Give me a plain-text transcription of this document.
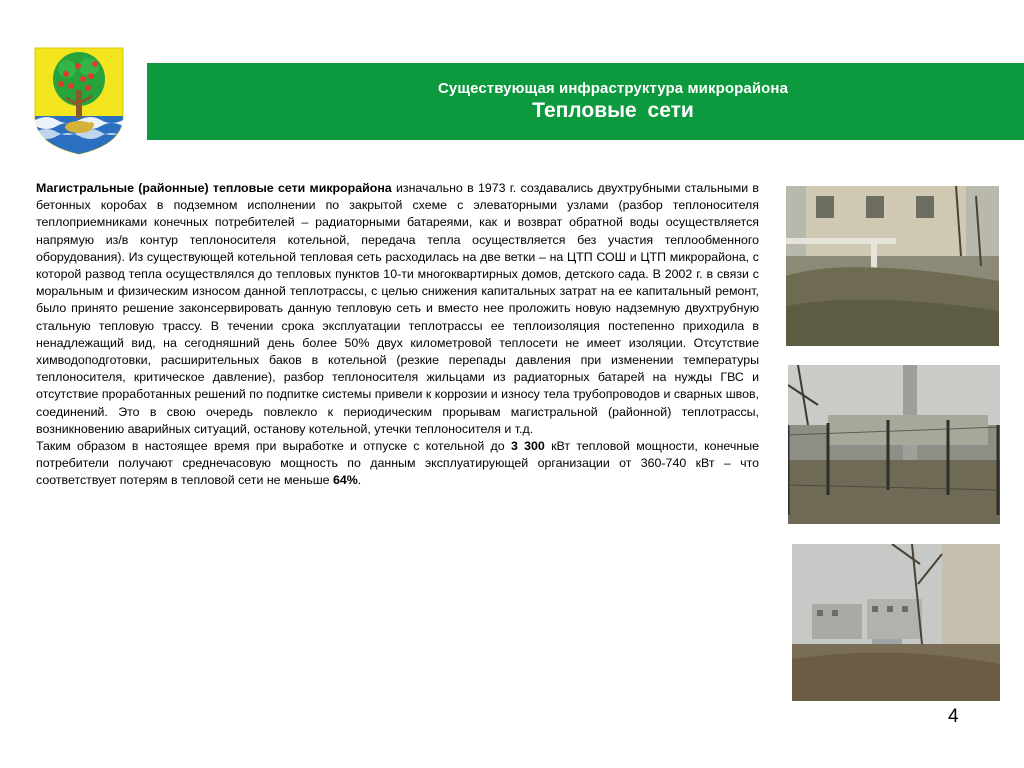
Существующая инфраструктура микрорайона
Тепловые сети

Магистральные (районные) тепловые сети микрорайона изначально в 1973 г. создавались двухтрубными стальными в бетонных коробах в подземном исполнении по закрытой схеме с элеваторными узлами (разбор теплоносителя теплоприемниками конечных потребителей – радиаторными батареями, как и возврат обратной воды осуществляется напрямую из/в контур теплоносителя котельной, передача тепла осуществляется без участия теплообменного оборудования). Из существующей котельной тепловая сеть расходилась на две ветки – на ЦТП СОШ и ЦТП микрорайона, с которой развод тепла осуществлялся до тепловых пунктов 10-ти многоквартирных домов, детского сада. В 2002 г. в связи с моральным и физическим износом данной теплотрассы, с целью снижения капитальных затрат на ее капитальный ремонт, было принято решение законсервировать данную тепловую сеть и вместо нее проложить новую надземную двухтрубную стальную тепловую трассу. В течении срока эксплуатации теплотрассы ее теплоизоляция постепенно приходила в ненадлежащий вид, на сегодняшний день более 50% двух километровой теплосети не имеет изоляции. Отсутствие химводоподготовки, расширительных баков в котельной (резкие перепады давления при изменении температуры теплоносителя, критическое давление), разбор теплоносителя жильцами из радиаторных батарей на нужды ГВС и отсутствие проработанных решений по подпитке системы привели к коррозии и износу тела трубопроводов и сварных швов, соединений. Это в свою очередь повлекло к периодическим прорывам магистральной (районной) теплотрассы, возникновению аварийных ситуаций, останову котельной, утечки теплоносителя и т.д.

Таким образом в настоящее время при выработке и отпуске с котельной до 3 300 кВт тепловой мощности, конечные потребители получают среднечасовую мощность по данным эксплуатирующей организации от 360-740 кВт – что соответствует потерям в тепловой сети не меньше 64%.

4
